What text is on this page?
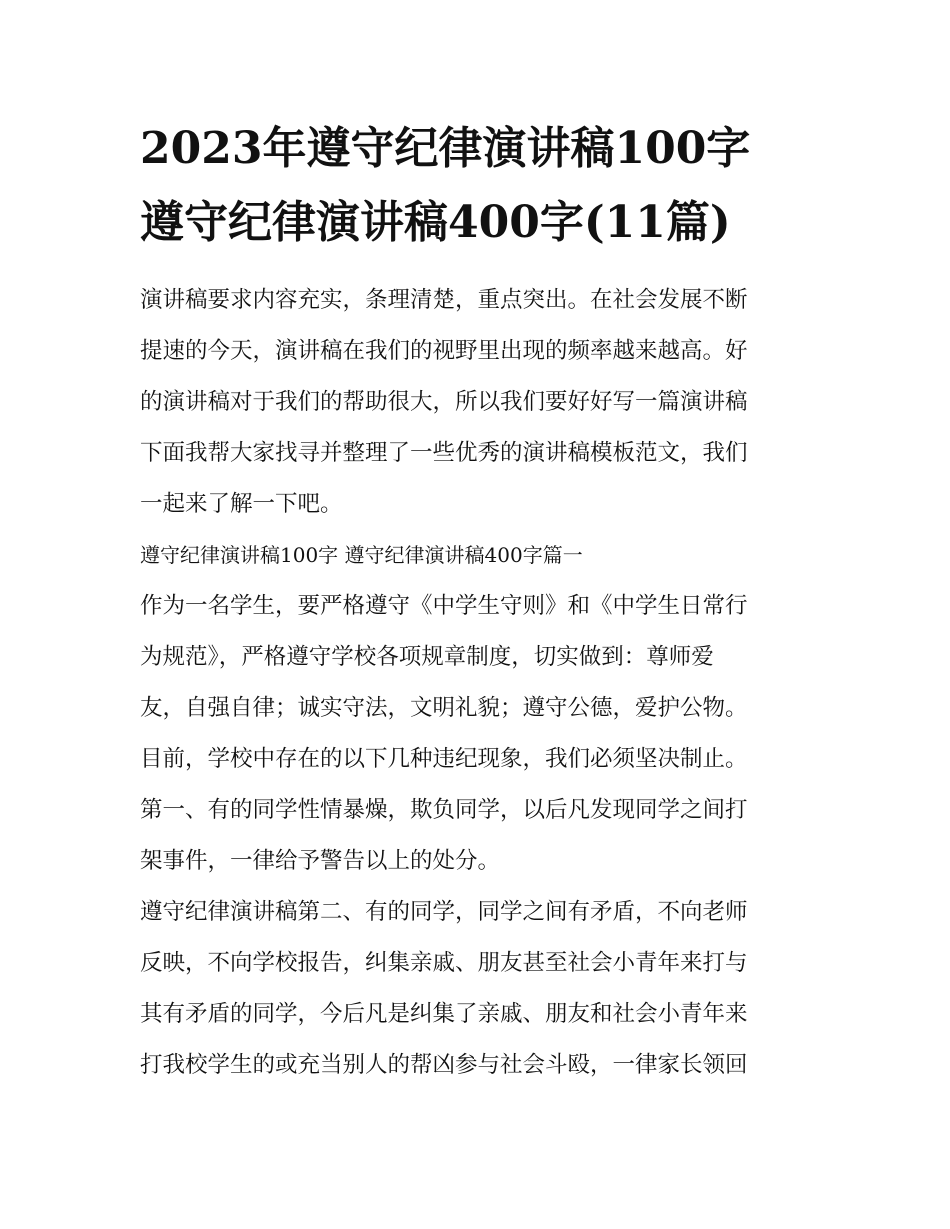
2023年遵守纪律演讲稿100字
遵守纪律演讲稿400字(11篇)
演讲稿要求内容充实，条理清楚，重点突出。在社会发展不断
提速的今天，演讲稿在我们的视野里出现的频率越来越高。好
的演讲稿对于我们的帮助很大，所以我们要好好写一篇演讲稿
下面我帮大家找寻并整理了一些优秀的演讲稿模板范文，我们
一起来了解一下吧。
遵守纪律演讲稿100字 遵守纪律演讲稿400字篇一
作为一名学生，要严格遵守《中学生守则》和《中学生日常行
为规范》，严格遵守学校各项规章制度，切实做到：尊师爱
友，自强自律；诚实守法，文明礼貌；遵守公德，爱护公物。
目前，学校中存在的以下几种违纪现象，我们必须坚决制止。
第一、有的同学性情暴燥，欺负同学，以后凡发现同学之间打
架事件，一律给予警告以上的处分。
遵守纪律演讲稿第二、有的同学，同学之间有矛盾，不向老师
反映，不向学校报告，纠集亲戚、朋友甚至社会小青年来打与
其有矛盾的同学，今后凡是纠集了亲戚、朋友和社会小青年来
打我校学生的或充当别人的帮凶参与社会斗殴，一律家长领回
